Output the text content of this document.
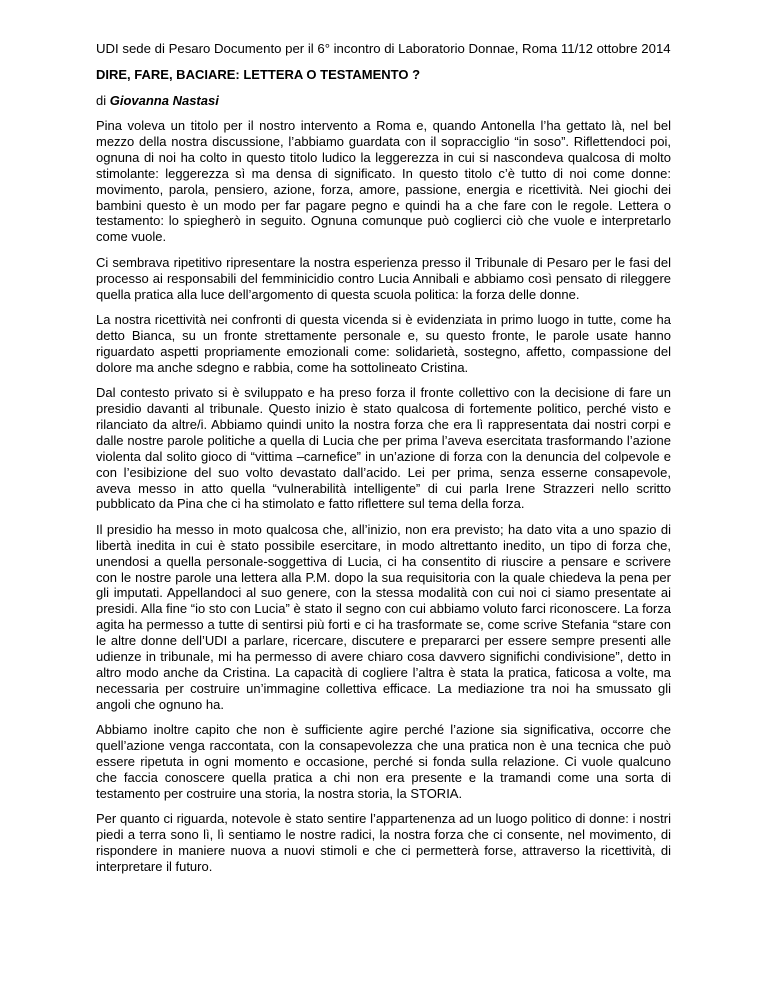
UDI sede di Pesaro Documento per il 6° incontro di Laboratorio Donnae, Roma 11/12 ottobre 2014

DIRE, FARE, BACIARE: LETTERA O TESTAMENTO ?

di Giovanna Nastasi

Pina voleva un titolo per il nostro intervento a Roma e, quando Antonella l’ha gettato là, nel bel mezzo della nostra discussione, l’abbiamo guardata con il sopracciglio “in soso”. Riflettendoci poi, ognuna di noi ha colto in questo titolo ludico la leggerezza in cui si nascondeva qualcosa di molto stimolante: leggerezza sì ma densa di significato. In questo titolo c’è tutto di noi come donne: movimento, parola, pensiero, azione, forza, amore, passione, energia e ricettività. Nei giochi dei bambini questo è un modo per far pagare pegno e quindi ha a che fare con le regole. Lettera o testamento: lo spiegherò in seguito. Ognuna comunque può coglierci ciò che vuole e interpretarlo come vuole.

Ci sembrava ripetitivo ripresentare la nostra esperienza presso il Tribunale di Pesaro per le fasi del processo ai responsabili del femminicidio contro Lucia Annibali e abbiamo così pensato di rileggere quella pratica alla luce dell’argomento di questa scuola politica: la forza delle donne.

La nostra ricettività nei confronti di questa vicenda si è evidenziata in primo luogo in tutte, come ha detto Bianca, su un fronte strettamente personale e, su questo fronte, le parole usate hanno riguardato aspetti propriamente emozionali come: solidarietà, sostegno, affetto, compassione del dolore ma anche sdegno e rabbia, come ha sottolineato Cristina.

Dal contesto privato si è sviluppato e ha preso forza il fronte collettivo con la decisione di fare un presidio davanti al tribunale. Questo inizio è stato qualcosa di fortemente politico, perché visto e rilanciato da altre/i. Abbiamo quindi unito la nostra forza che era lì rappresentata dai nostri corpi e dalle nostre parole politiche a quella di Lucia che per prima l’aveva esercitata trasformando l’azione violenta dal solito gioco di “vittima –carnefice” in un’azione di forza con la denuncia del colpevole e con l’esibizione del suo volto devastato dall’acido. Lei per prima, senza esserne consapevole, aveva messo in atto quella “vulnerabilità intelligente” di cui parla Irene Strazzeri nello scritto pubblicato da Pina che ci ha stimolato e fatto riflettere sul tema della forza.

Il presidio ha messo in moto qualcosa che, all’inizio, non era previsto; ha dato vita a uno spazio di libertà inedita in cui è stato possibile esercitare, in modo altrettanto inedito, un tipo di forza che, unendosi a quella personale-soggettiva di Lucia, ci ha consentito di riuscire a pensare e scrivere con le nostre parole una lettera alla P.M. dopo la sua requisitoria con la quale chiedeva la pena per gli imputati. Appellandoci al suo genere, con la stessa modalità con cui noi ci siamo presentate ai presidi. Alla fine “io sto con Lucia” è stato il segno con cui abbiamo voluto farci riconoscere. La forza agita ha permesso a tutte di sentirsi più forti e ci ha trasformate se, come scrive Stefania “stare con le altre donne dell’UDI a parlare, ricercare, discutere e prepararci per essere sempre presenti alle udienze in tribunale, mi ha permesso di avere chiaro cosa davvero significhi condivisione”, detto in altro modo anche da Cristina. La capacità di cogliere l’altra è stata la pratica, faticosa a volte, ma necessaria per costruire un’immagine collettiva efficace. La mediazione tra noi ha smussato gli angoli che ognuno ha.

Abbiamo inoltre capito che non è sufficiente agire perché l’azione sia significativa, occorre che quell’azione venga raccontata, con la consapevolezza che una pratica non è una tecnica che può essere ripetuta in ogni momento e occasione, perché si fonda sulla relazione. Ci vuole qualcuno che faccia conoscere quella pratica a chi non era presente e la tramandi come una sorta di testamento per costruire una storia, la nostra storia, la STORIA.

Per quanto ci riguarda, notevole è stato sentire l’appartenenza ad un luogo politico di donne: i nostri piedi a terra sono lì, lì sentiamo le nostre radici, la nostra forza che ci consente, nel movimento, di rispondere in maniere nuova a nuovi stimoli e che ci permetterà forse, attraverso la ricettività, di interpretare il futuro.
